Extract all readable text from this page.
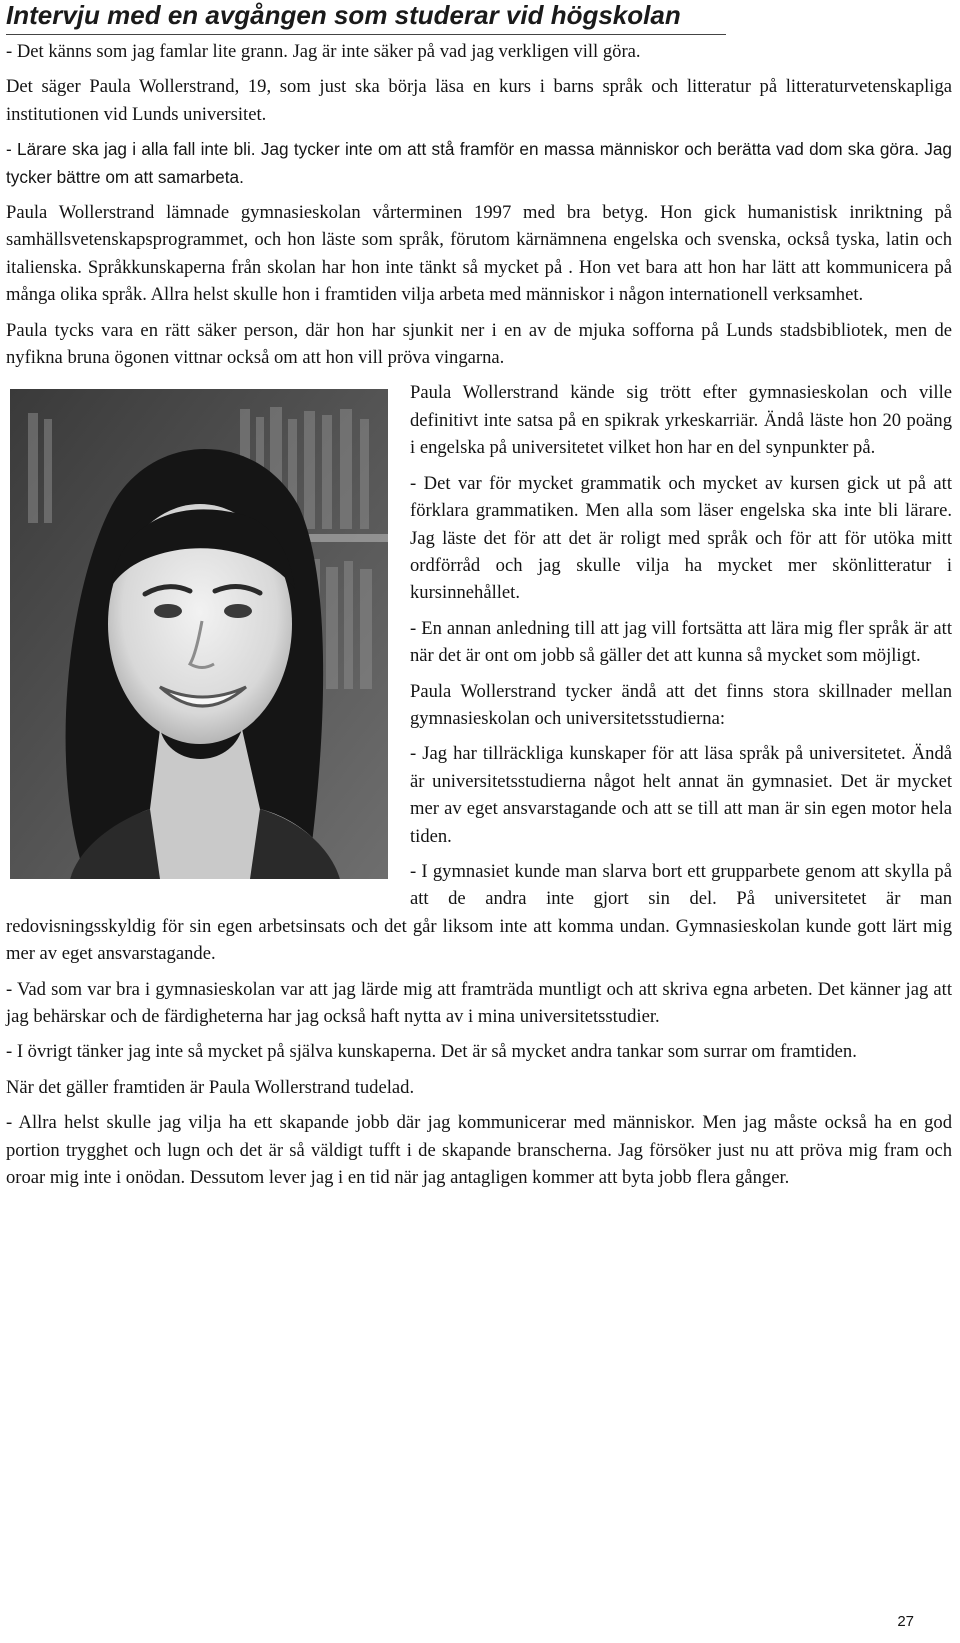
Intervju med en avgången som studerar vid högskolan

- Det känns som jag famlar lite grann. Jag är inte säker på vad jag verkligen vill göra.

Det säger Paula Wollerstrand, 19, som just ska börja läsa en kurs i barns språk och litteratur på litteraturvetenskapliga institutionen vid Lunds universitet.

- Lärare ska jag i alla fall inte bli. Jag tycker inte om att stå framför en massa människor och berätta vad dom ska göra. Jag tycker bättre om att samarbeta.

Paula Wollerstrand lämnade gymnasieskolan vårterminen 1997 med bra betyg. Hon gick humanistisk inriktning på samhällsvetenskapsprogrammet, och hon läste som språk, förutom kärnämnena engelska och svenska, också tyska, latin och italienska. Språkkunskaperna från skolan har hon inte tänkt så mycket på . Hon vet bara att hon har lätt att kommunicera på många olika språk. Allra helst skulle hon i framtiden vilja arbeta med människor i någon internationell verksamhet.

Paula tycks vara en rätt säker person, där hon har sjunkit ner i en av de mjuka sofforna på Lunds stadsbibliotek, men de nyfikna bruna ögonen vittnar också om att hon vill pröva vingarna.

Paula Wollerstrand kände sig trött efter gymnasieskolan och ville definitivt inte satsa på en spikrak yrkeskarriär. Ändå läste hon 20 poäng i engelska på universitetet vilket hon har en del synpunkter på.

- Det var för mycket grammatik och mycket av kursen gick ut på att förklara grammatiken. Men alla som läser engelska ska inte bli lärare. Jag läste det för att det är roligt med språk och för att för utöka mitt ordförråd och jag skulle vilja ha mycket mer skönlitteratur i kursinnehållet.

- En annan anledning till att jag vill fortsätta att lära mig fler språk är att när det är ont om jobb så gäller det att kunna så mycket som möjligt.

Paula Wollerstrand tycker ändå att det finns stora skillnader mellan gymnasieskolan och universitetsstudierna:

- Jag har tillräckliga kunskaper för att läsa språk på universitetet. Ändå är universitetsstudierna något helt annat än gymnasiet. Det är mycket mer av eget ansvarstagande och att se till att man är sin egen motor hela tiden.

- I gymnasiet kunde man slarva bort ett grupparbete genom att skylla på att de andra inte gjort sin del. På universitetet är man redovisningsskyldig för sin egen arbetsinsats och det går liksom inte att komma undan. Gymnasieskolan kunde gott lärt mig mer av eget ansvarstagande.

- Vad som var bra i gymnasieskolan var att jag lärde mig att framträda muntligt och att skriva egna arbeten. Det känner jag att jag behärskar och de färdigheterna har jag också haft nytta av i mina universitetsstudier.

- I övrigt tänker jag inte så mycket på själva kunskaperna. Det är så mycket andra tankar som surrar om framtiden.

När det gäller framtiden är Paula Wollerstrand tudelad.

- Allra helst skulle jag vilja ha ett skapande jobb där jag kommunicerar med människor. Men jag måste också ha en god portion trygghet och lugn och det är så väldigt tufft i de skapande branscherna. Jag försöker just nu att pröva mig fram och oroar mig inte i onödan. Dessutom lever jag i en tid när jag antagligen kommer att byta jobb flera gånger.

27
